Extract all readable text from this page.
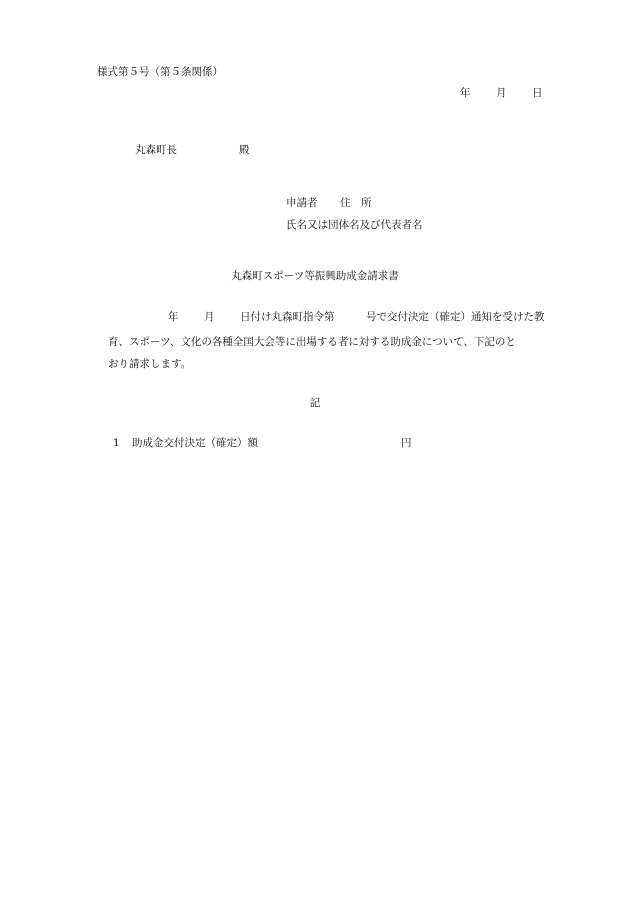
様式第５号（第５条関係）
年 月 日
丸森町長	殿
申請者 住　所
氏名又は団体名及び代表者名
丸森町スポーツ等振興助成金請求書

年

月

日付け丸森町指令第

	号で交付決定（確定）通知を受けた教

育、スポーツ、文化の各種全国大会等に出場する者に対する助成金について、下記のと
おり請求します。
記
1 助成金交付決定（確定）額	円
